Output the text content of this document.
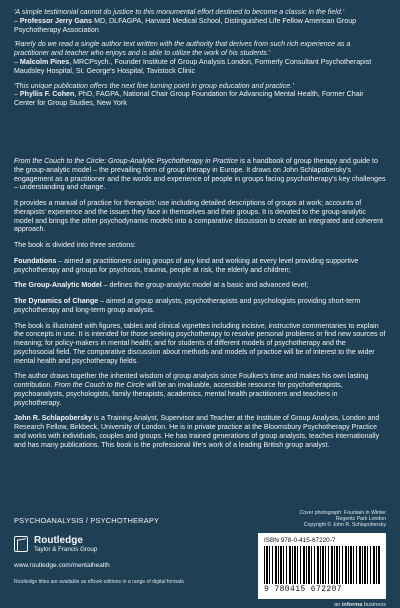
'A simple testimonial cannot do justice to this monumental effort destined to become a classic in the field.'
– Professor Jerry Gans MD, DLFAGPA, Harvard Medical School, Distinguished Life Fellow American Group Psychotherapy Association
'Rarely do we read a single author text written with the authority that derives from such rich experience as a practitioner and teacher who enjoys and is able to utilize the work of his students.'
– Malcolm Pines, MRCPsych., Founder Institute of Group Analysis London, Formerly Consultant Psychotherapist Maudsley Hospital, St. George's Hospital, Tavistock Clinic
'This unique publication offers the next fine turning point in group education and practice.'
– Phyllis F. Cohen, PhD, FAGPA, National Chair Group Foundation for Advancing Mental Health, Former Chair Center for Group Studies, New York

From the Couch to the Circle: Group-Analytic Psychotherapy in Practice is a handbook of group therapy and guide to the group-analytic model – the prevailing form of group therapy in Europe. It draws on John Schlapobersky's engagement as a practitioner and the words and experience of people in groups facing psychotherapy's key challenges – understanding and change.

It provides a manual of practice for therapists' use including detailed descriptions of groups at work; accounts of therapists' experience and the issues they face in themselves and their groups. It is devoted to the group-analytic model and brings the other psychodynamic models into a comparative discussion to create an integrated and coherent approach.

The book is divided into three sections:

Foundations – aimed at practitioners using groups of any kind and working at every level providing supportive psychotherapy and groups for psychosis, trauma, people at risk, the elderly and children;

The Group-Analytic Model – defines the group-analytic model at a basic and advanced level;

The Dynamics of Change – aimed at group analysts, psychotherapists and psychologists providing short-term psychotherapy and long-term group analysis.

The book is illustrated with figures, tables and clinical vignettes including incisive, instructive commentaries to explain the concepts in use. It is intended for those seeking psychotherapy to resolve personal problems or find new sources of meaning; for policy-makers in mental health; and for students of different models of psychotherapy and the psychosocial field. The comparative discussion about methods and models of practice will be of interest to the wider mental health and psychotherapy fields.

The author draws together the inherited wisdom of group analysis since Foulkes's time and makes his own lasting contribution. From the Couch to the Circle will be an invaluable, accessible resource for psychotherapists, psychoanalysts, psychologists, family therapists, academics, mental health practitioners and teachers in psychotherapy.

John R. Schlapobersky is a Training Analyst, Supervisor and Teacher at the Institute of Group Analysis, London and Research Fellow, Birkbeck, University of London. He is in private practice at the Bloomsbury Psychotherapy Practice and works with individuals, couples and groups. He has trained generations of group analysts, teaches internationally and has many publications. This book is the professional life's work of a leading British group analyst.

PSYCHOANALYSIS / PSYCHOTHERAPY
Routledge
Taylor & Francis Group
www.routledge.com/mentalhealth
Routledge titles are available as eBook editions in a range of digital formats
Cover photograph: Fountain in Winter
Regents Park London
Copyright © John R. Schlapobersky
ISBN 978-0-415-67220-7
9 780415 672207
an informa business
